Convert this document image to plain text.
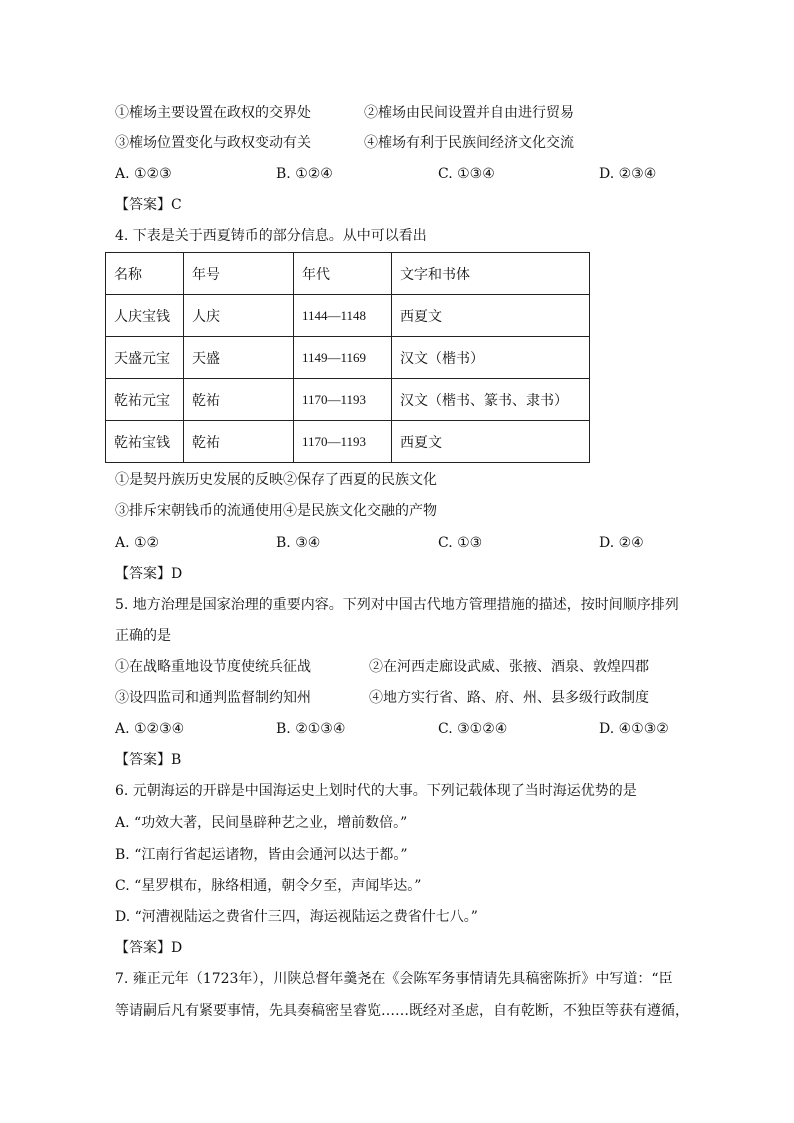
①榷场主要设置在政权的交界处	②榷场由民间设置并自由进行贸易
③榷场位置变化与政权变动有关	④榷场有利于民族间经济文化交流
A. ①②③	B. ①②④	C. ①③④	D. ②③④
【答案】C
4. 下表是关于西夏铸币的部分信息。从中可以看出
名称	年号	年代	文字和书体
人庆宝钱	人庆	1144—1148	西夏文
天盛元宝	天盛	1149—1169	汉文（楷书）
乾祐元宝	乾祐	1170—1193	汉文（楷书、篆书、隶书）
乾祐宝钱	乾祐	1170—1193	西夏文
①是契丹族历史发展的反映②保存了西夏的民族文化
③排斥宋朝钱币的流通使用④是民族文化交融的产物
A. ①②	B. ③④	C. ①③	D. ②④
【答案】D
5. 地方治理是国家治理的重要内容。下列对中国古代地方管理措施的描述，按时间顺序排列
正确的是
①在战略重地设节度使统兵征战	②在河西走廊设武威、张掖、酒泉、敦煌四郡
③设四监司和通判监督制约知州	④地方实行省、路、府、州、县多级行政制度
A. ①②③④	B. ②①③④	C. ③①②④	D. ④①③②
【答案】B
6. 元朝海运的开辟是中国海运史上划时代的大事。下列记载体现了当时海运优势的是
A. “功效大著，民间垦辟种艺之业，增前数倍。”
B. “江南行省起运诸物，皆由会通河以达于都。”
C. “星罗棋布，脉络相通，朝令夕至，声闻毕达。”
D. “河漕视陆运之费省什三四，海运视陆运之费省什七八。”
【答案】D
7. 雍正元年（1723年），川陕总督年羹尧在《会陈军务事情请先具稿密陈折》中写道：“臣
等请嗣后凡有紧要事情，先具奏稿密呈睿览……既经对圣虑，自有乾断，不独臣等获有遵循，
